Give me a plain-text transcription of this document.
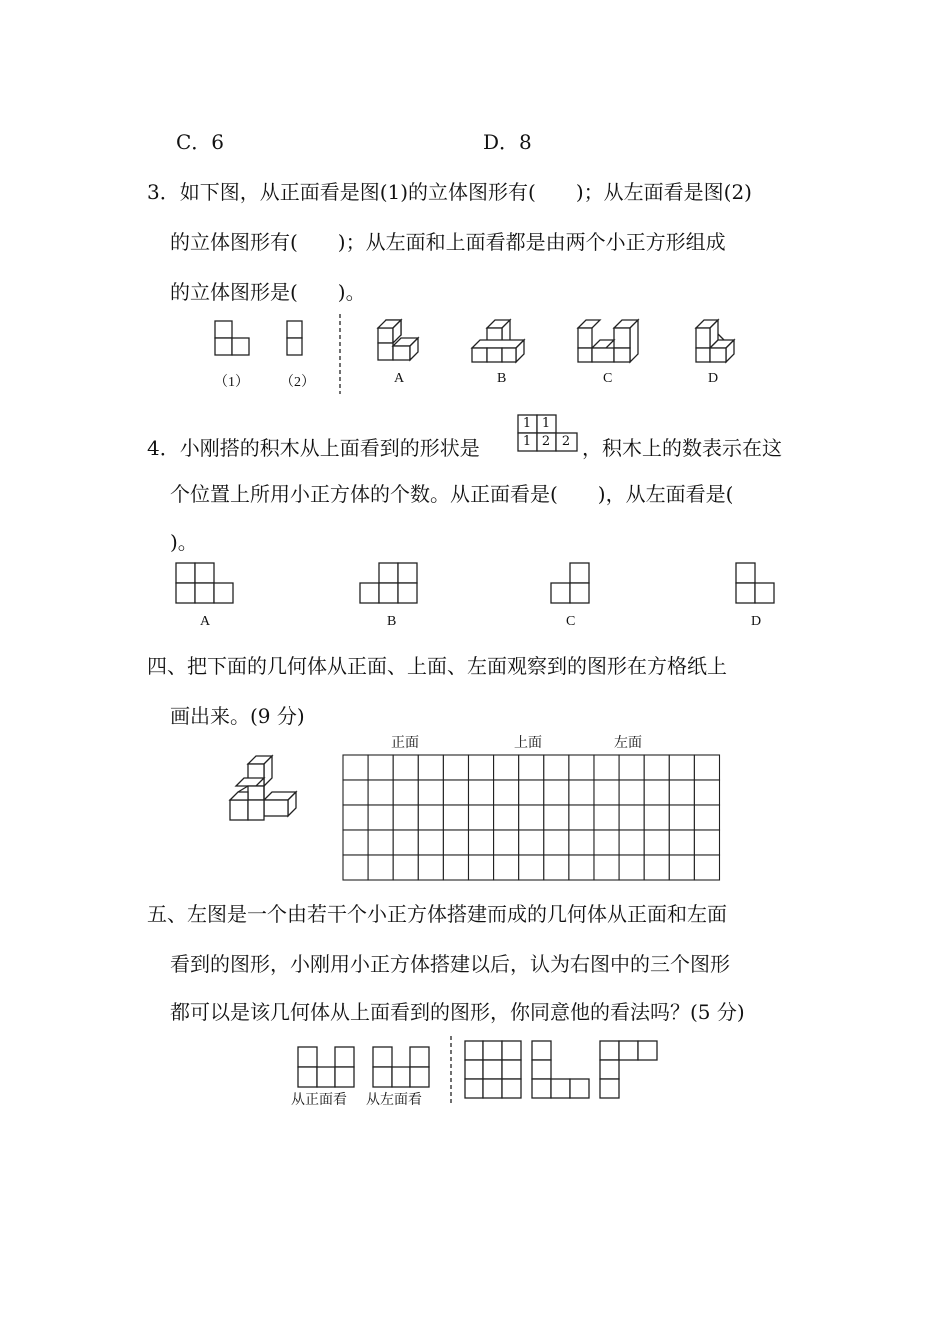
C．6	D．8
3．如下图，从正面看是图(1)的立体图形有(　　)；从左面看是图(2)
的立体图形有(　　)；从左面和上面看都是由两个小正方形组成
的立体图形是(　　)。
（1） （2）	A	B	C	D
4．小刚搭的积木从上面看到的形状是
1 1
1 2 2 ，积木上的数表示在这
个位置上所用小正方体的个数。从正面看是(　　)，从左面看是(
)。
A	B	C	D
四、把下面的几何体从正面、上面、左面观察到的图形在方格纸上
画出来。(9 分)
正面	上面	左面
五、左图是一个由若干个小正方体搭建而成的几何体从正面和左面
看到的图形，小刚用小正方体搭建以后，认为右图中的三个图形
都可以是该几何体从上面看到的图形，你同意他的看法吗？(5 分)
从正面看 从左面看
